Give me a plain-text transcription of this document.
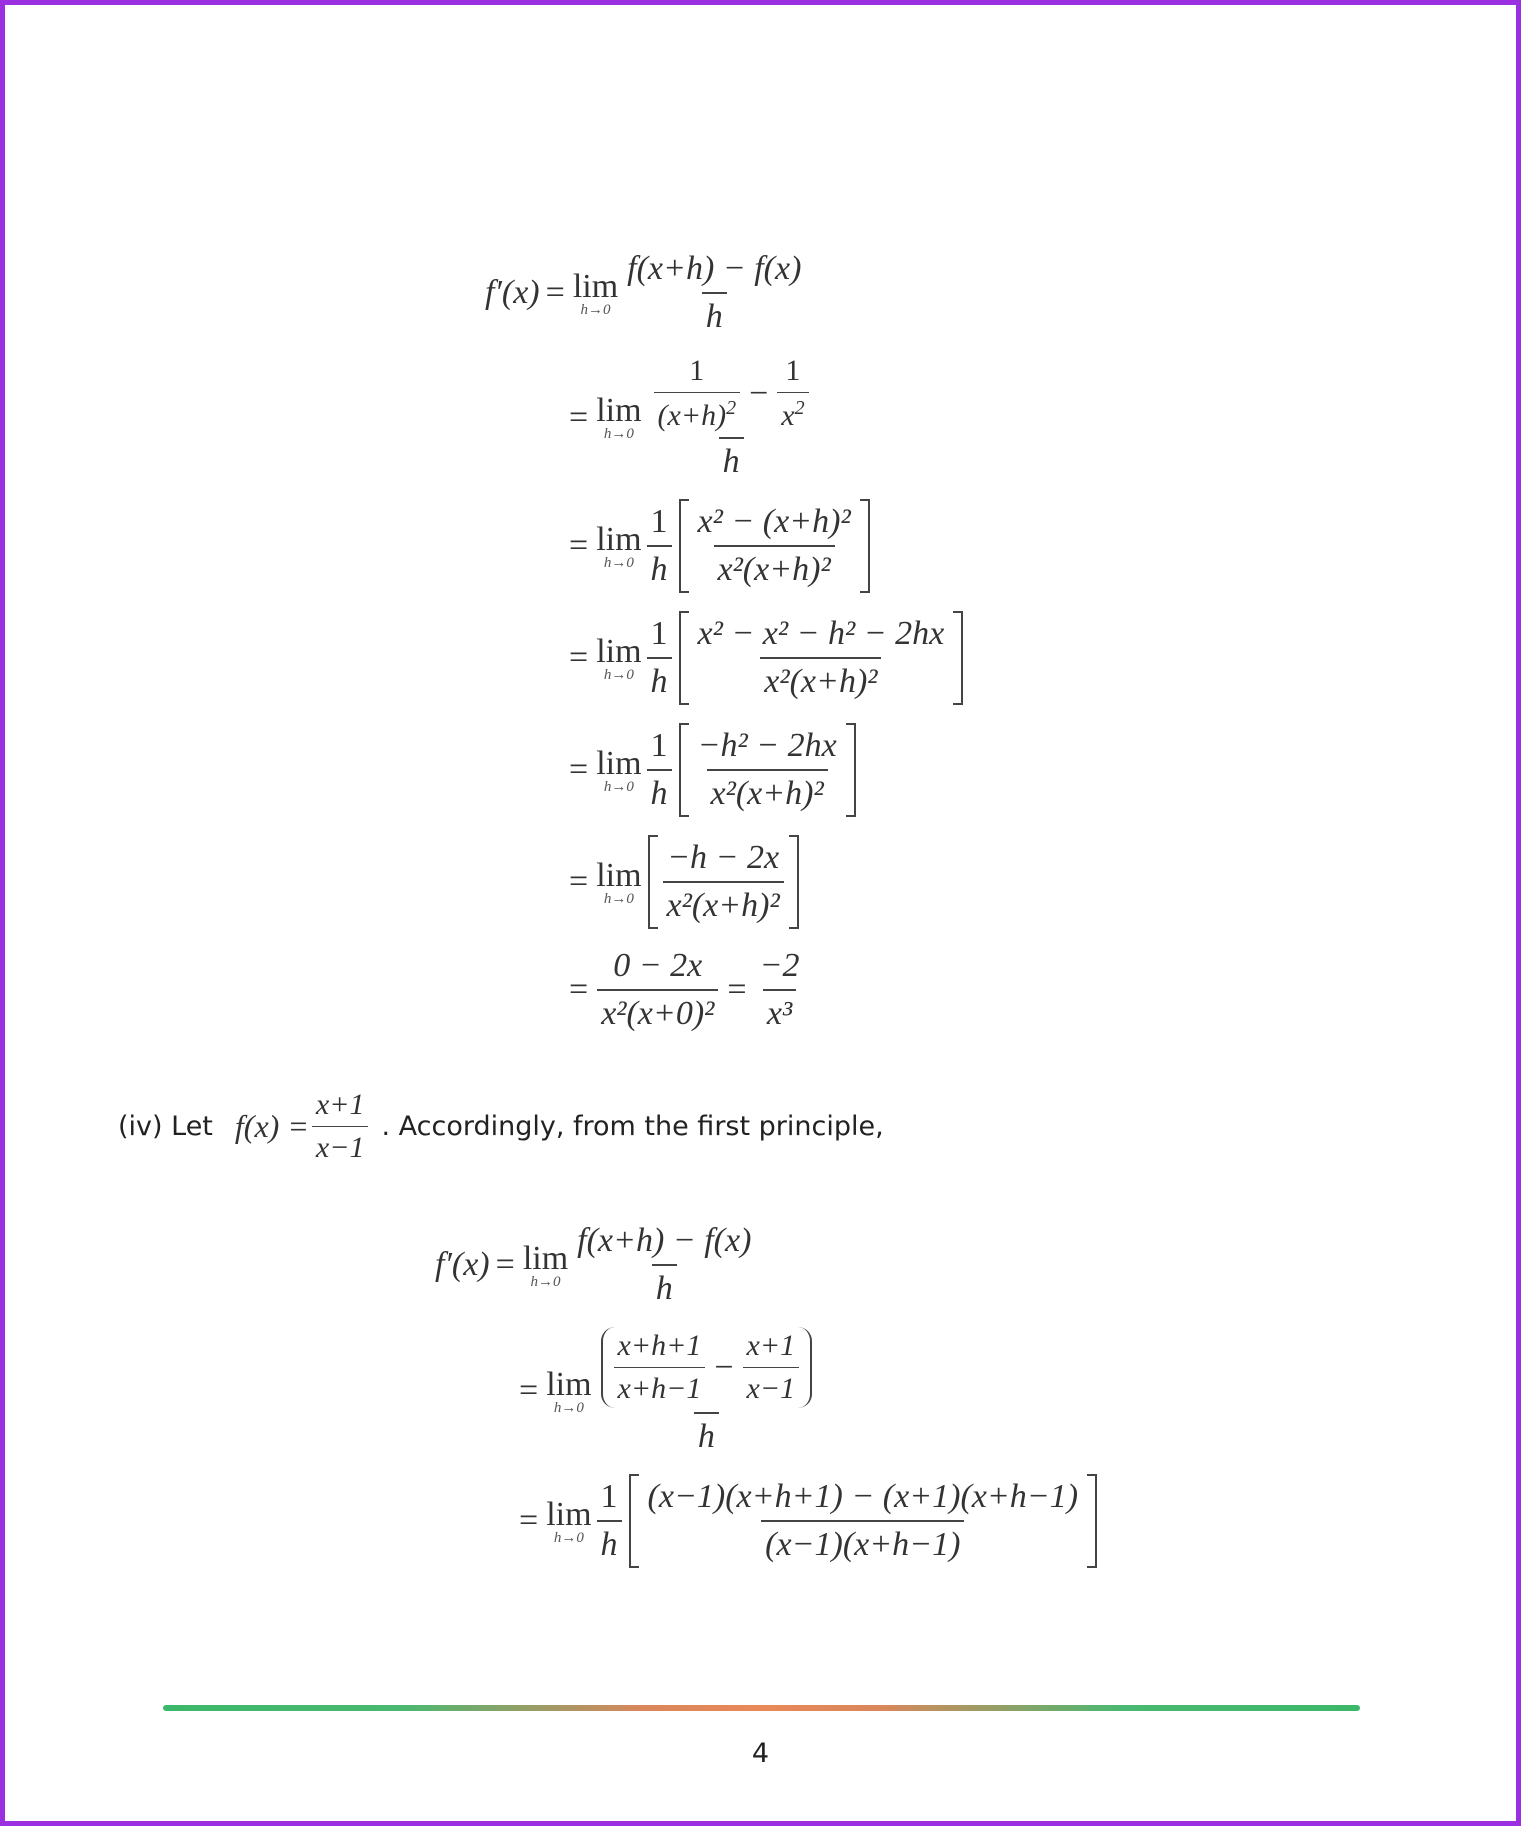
f′(x) = lim
$h\to 0 \frac{f(x+h) - f(x)}{h}$
= lim
$h\to 0 \frac{\frac{1}{(x+h)^2} - \frac{1}{x^2}}{h}$
= lim
$h\to 0 \frac{1}{h} \frac{\text{x² − (x+h)²}}{\text{x²(x+h)²}}$
= lim
$h\to 0 \frac{1}{h} \frac{\text{x² − x² − h² − 2hx}}{\text{x²(x+h)²}}$
= lim
$h\to 0 \frac{1}{h} \frac{\text{−h² − 2hx}}{\text{x²(x+h)²}}$
= lim
$h\to 0 \frac{-h - 2x}{\text{x²(x+h)²}}$
= $\frac{0 - 2x}{\text{x²(x+0)²}} = \frac{-2}{\text{x³}}$
(iv) Let $f(x) = \frac{x+1}{x-1}$ . Accordingly, from the first principle,
f′(x) = lim
$h\to 0 \frac{f(x+h) - f(x)}{h}$
= lim
$h\to 0 \frac{\frac{x+h+1}{x+h-1} - \frac{x+1}{x-1}}{h}$
= lim
$h\to 0 \frac{1}{h} \frac{(x-1)(x+h+1) - (x+1)(x+h-1)}{(x-1)(x+h-1)}$
4
